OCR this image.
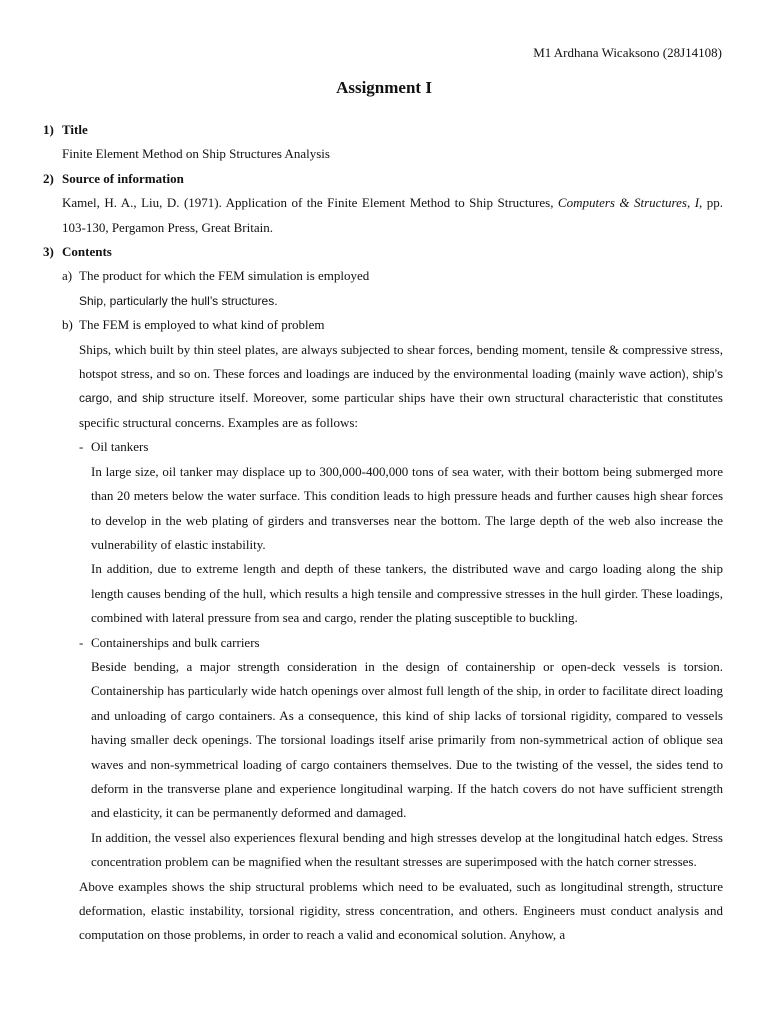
M1 Ardhana Wicaksono (28J14108)
Assignment I

1) Title

Finite Element Method on Ship Structures Analysis

2) Source of information

Kamel, H. A., Liu, D. (1971). Application of the Finite Element Method to Ship Structures, Computers & Structures, I, pp. 103-130, Pergamon Press, Great Britain.

3) Contents

a) The product for which the FEM simulation is employed

Ship, particularly the hull’s structures.

b) The FEM is employed to what kind of problem

Ships, which built by thin steel plates, are always subjected to shear forces, bending moment, tensile & compressive stress, hotspot stress, and so on. These forces and loadings are induced by the environmental loading (mainly wave action), ship’s cargo, and ship structure itself. Moreover, some particular ships have their own structural characteristic that constitutes specific structural concerns. Examples are as follows:

- Oil tankers

In large size, oil tanker may displace up to 300,000-400,000 tons of sea water, with their bottom being submerged more than 20 meters below the water surface. This condition leads to high pressure heads and further causes high shear forces to develop in the web plating of girders and transverses near the bottom. The large depth of the web also increase the vulnerability of elastic instability.

In addition, due to extreme length and depth of these tankers, the distributed wave and cargo loading along the ship length causes bending of the hull, which results a high tensile and compressive stresses in the hull girder. These loadings, combined with lateral pressure from sea and cargo, render the plating susceptible to buckling.

- Containerships and bulk carriers

Beside bending, a major strength consideration in the design of containership or open-deck vessels is torsion. Containership has particularly wide hatch openings over almost full length of the ship, in order to facilitate direct loading and unloading of cargo containers. As a consequence, this kind of ship lacks of torsional rigidity, compared to vessels having smaller deck openings. The torsional loadings itself arise primarily from non-symmetrical action of oblique sea waves and non-symmetrical loading of cargo containers themselves. Due to the twisting of the vessel, the sides tend to deform in the transverse plane and experience longitudinal warping. If the hatch covers do not have sufficient strength and elasticity, it can be permanently deformed and damaged.

In addition, the vessel also experiences flexural bending and high stresses develop at the longitudinal hatch edges. Stress concentration problem can be magnified when the resultant stresses are superimposed with the hatch corner stresses.

Above examples shows the ship structural problems which need to be evaluated, such as longitudinal strength, structure deformation, elastic instability, torsional rigidity, stress concentration, and others. Engineers must conduct analysis and computation on those problems, in order to reach a valid and economical solution. Anyhow, a
